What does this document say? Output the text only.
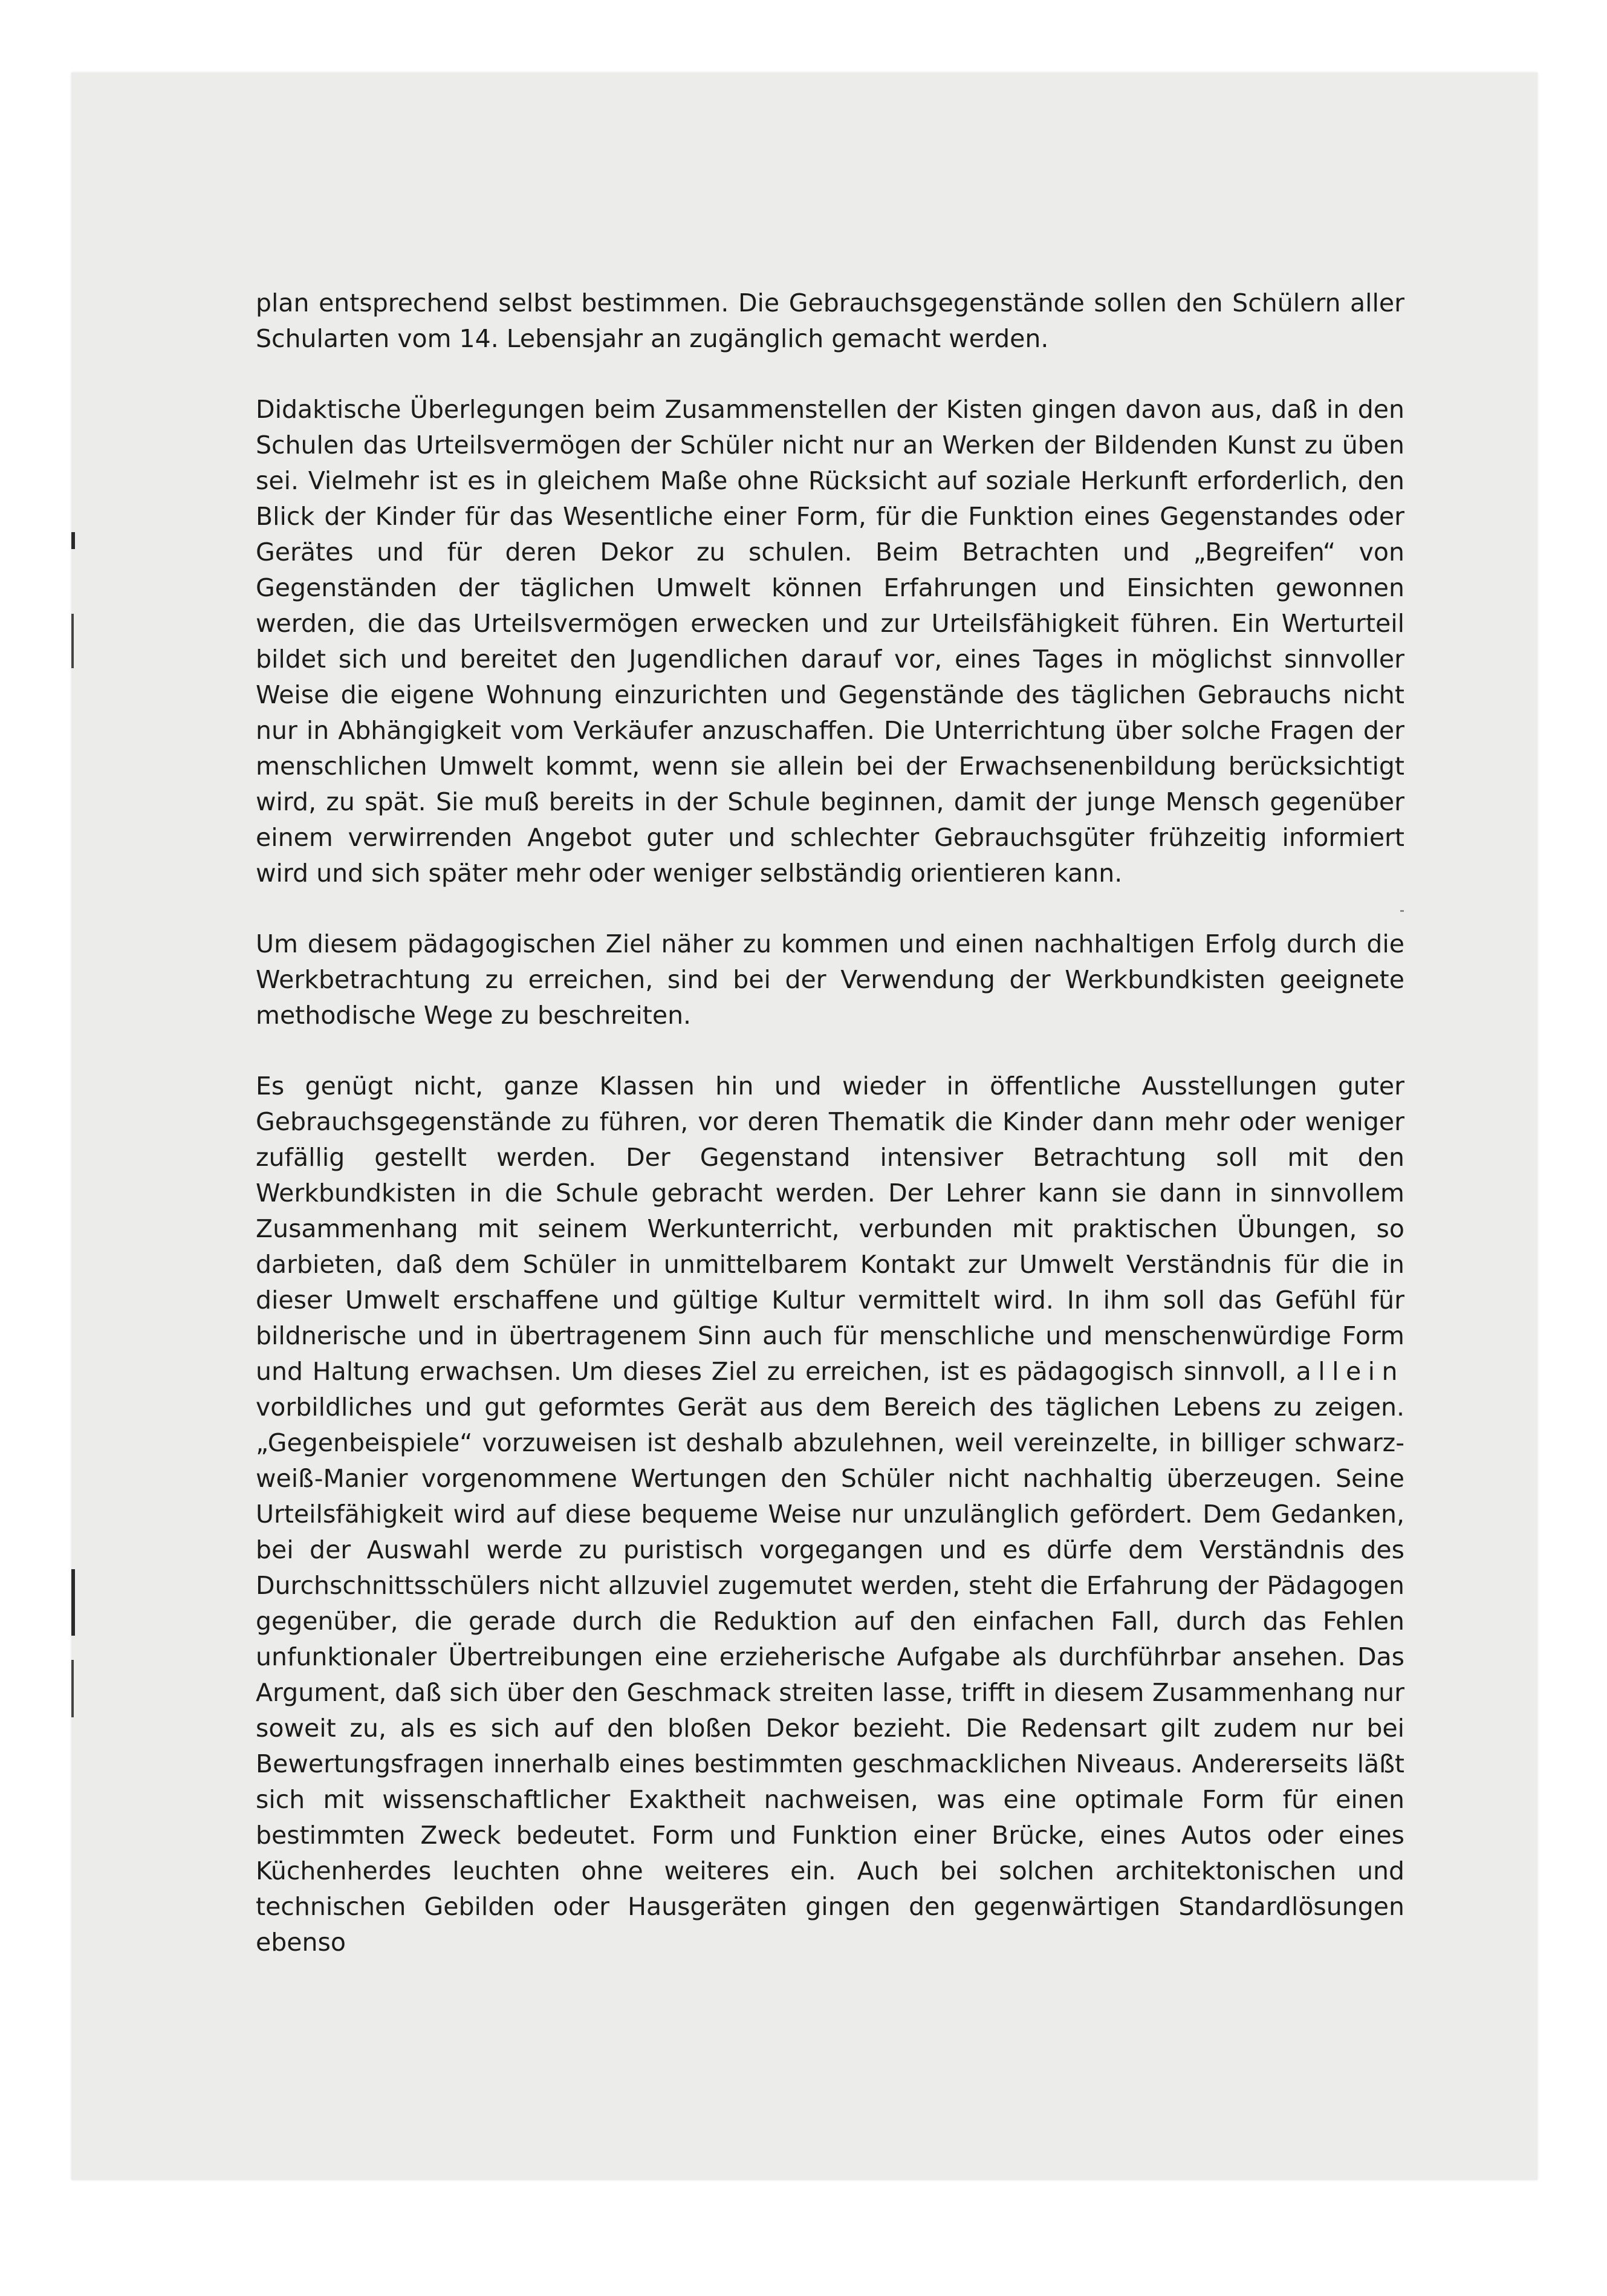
plan entsprechend selbst bestimmen. Die Gebrauchsgegenstände sollen den Schülern aller Schularten vom 14. Lebensjahr an zugänglich gemacht werden.

Didaktische Überlegungen beim Zusammenstellen der Kisten gingen davon aus, daß in den Schulen das Urteilsvermögen der Schüler nicht nur an Werken der Bildenden Kunst zu üben sei. Vielmehr ist es in gleichem Maße ohne Rücksicht auf soziale Herkunft erforderlich, den Blick der Kinder für das Wesentliche einer Form, für die Funktion eines Gegenstandes oder Gerätes und für deren Dekor zu schulen. Beim Betrachten und „Begreifen“ von Gegenständen der täglichen Umwelt können Erfahrungen und Einsichten gewonnen werden, die das Urteilsvermögen erwecken und zur Urteilsfähigkeit führen. Ein Werturteil bildet sich und bereitet den Jugendlichen darauf vor, eines Tages in möglichst sinnvoller Weise die eigene Wohnung einzurichten und Gegenstände des täglichen Gebrauchs nicht nur in Abhängigkeit vom Verkäufer anzuschaffen. Die Unterrichtung über solche Fragen der menschlichen Umwelt kommt, wenn sie allein bei der Erwachsenenbildung berücksichtigt wird, zu spät. Sie muß bereits in der Schule beginnen, damit der junge Mensch gegenüber einem verwirrenden Angebot guter und schlechter Gebrauchsgüter frühzeitig informiert wird und sich später mehr oder weniger selbständig orientieren kann.

Um diesem pädagogischen Ziel näher zu kommen und einen nachhaltigen Erfolg durch die Werkbetrachtung zu erreichen, sind bei der Verwendung der Werkbundkisten geeignete methodische Wege zu beschreiten.

Es genügt nicht, ganze Klassen hin und wieder in öffentliche Ausstellungen guter Gebrauchsgegenstände zu führen, vor deren Thematik die Kinder dann mehr oder weniger zufällig gestellt werden. Der Gegenstand intensiver Betrachtung soll mit den Werkbundkisten in die Schule gebracht werden. Der Lehrer kann sie dann in sinnvollem Zusammenhang mit seinem Werkunterricht, verbunden mit praktischen Übungen, so darbieten, daß dem Schüler in unmittelbarem Kontakt zur Umwelt Verständnis für die in dieser Umwelt erschaffene und gültige Kultur vermittelt wird. In ihm soll das Gefühl für bildnerische und in übertragenem Sinn auch für menschliche und menschenwürdige Form und Haltung erwachsen. Um dieses Ziel zu erreichen, ist es pädagogisch sinnvoll, allein vorbildliches und gut geformtes Gerät aus dem Bereich des täglichen Lebens zu zeigen. „Gegenbeispiele“ vorzuweisen ist deshalb abzulehnen, weil vereinzelte, in billiger schwarz-weiß-Manier vorgenommene Wertungen den Schüler nicht nachhaltig überzeugen. Seine Urteilsfähigkeit wird auf diese bequeme Weise nur unzulänglich gefördert. Dem Gedanken, bei der Auswahl werde zu puristisch vorgegangen und es dürfe dem Verständnis des Durchschnittsschülers nicht allzuviel zugemutet werden, steht die Erfahrung der Pädagogen gegenüber, die gerade durch die Reduktion auf den einfachen Fall, durch das Fehlen unfunktionaler Übertreibungen eine erzieherische Aufgabe als durchführbar ansehen. Das Argument, daß sich über den Geschmack streiten lasse, trifft in diesem Zusammenhang nur soweit zu, als es sich auf den bloßen Dekor bezieht. Die Redensart gilt zudem nur bei Bewertungsfragen innerhalb eines bestimmten geschmacklichen Niveaus. Andererseits läßt sich mit wissenschaftlicher Exaktheit nachweisen, was eine optimale Form für einen bestimmten Zweck bedeutet. Form und Funktion einer Brücke, eines Autos oder eines Küchenherdes leuchten ohne weiteres ein. Auch bei solchen architektonischen und technischen Gebilden oder Hausgeräten gingen den gegenwärtigen Standardlösungen ebenso
